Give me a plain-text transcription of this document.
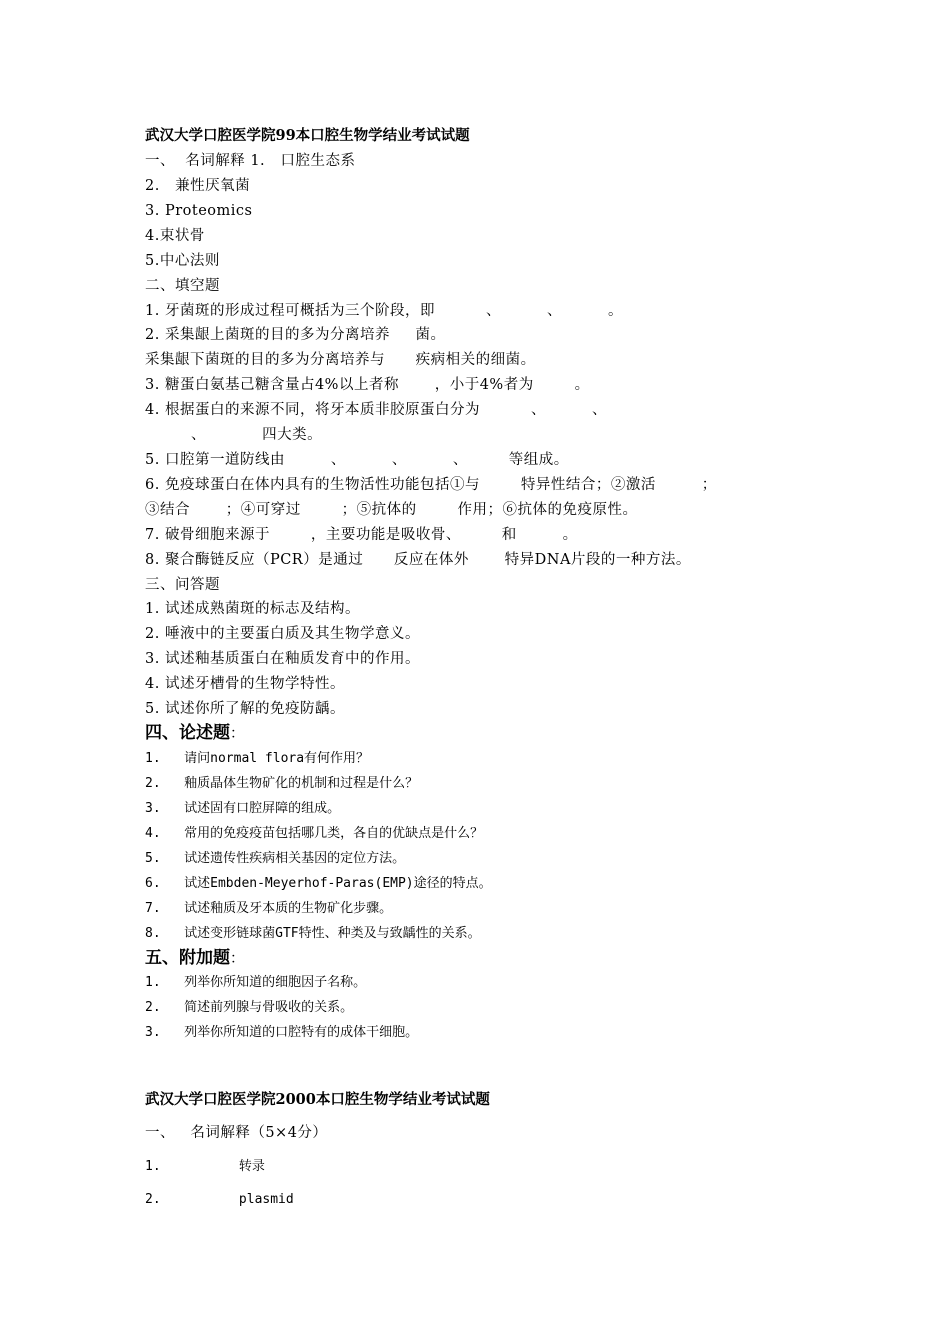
武汉大学口腔医学院99本口腔生物学结业考试试题
一、  名词解释 1.   口腔生态系
2.   兼性厌氧菌
3. Proteomics
4.束状骨
5.中心法则
二、填空题
1. 牙菌斑的形成过程可概括为三个阶段，即          、         、         。
2. 采集龈上菌斑的目的多为分离培养     菌。
采集龈下菌斑的目的多为分离培养与      疾病相关的细菌。
3. 糖蛋白氨基己糖含量占4%以上者称       ，小于4%者为        。
4. 根据蛋白的来源不同，将牙本质非胶原蛋白分为          、         、
、           四大类。
5. 口腔第一道防线由         、         、         、        等组成。
6. 免疫球蛋白在体内具有的生物活性功能包括①与        特异性结合；②激活         ；
③结合       ；④可穿过        ；⑤抗体的        作用；⑥抗体的免疫原性。
7. 破骨细胞来源于        ，主要功能是吸收骨、        和         。
8. 聚合酶链反应（PCR）是通过      反应在体外       特异DNA片段的一种方法。
三、问答题
1. 试述成熟菌斑的标志及结构。
2. 唾液中的主要蛋白质及其生物学意义。
3. 试述釉基质蛋白在釉质发育中的作用。
4. 试述牙槽骨的生物学特性。
5. 试述你所了解的免疫防龋。
四、论述题：
1.   请问normal flora有何作用？
2.   釉质晶体生物矿化的机制和过程是什么？
3.   试述固有口腔屏障的组成。
4.   常用的免疫疫苗包括哪几类，各自的优缺点是什么？
5.   试述遗传性疾病相关基因的定位方法。
6.   试述Embden-Meyerhof-Paras(EMP)途径的特点。
7.   试述釉质及牙本质的生物矿化步骤。
8.   试述变形链球菌GTF特性、种类及与致龋性的关系。
五、附加题：
1.   列举你所知道的细胞因子名称。
2.   简述前列腺与骨吸收的关系。
3.   列举你所知道的口腔特有的成体干细胞。
武汉大学口腔医学院2000本口腔生物学结业考试试题
一、   名词解释（5×4分）
1.          转录
2.          plasmid
